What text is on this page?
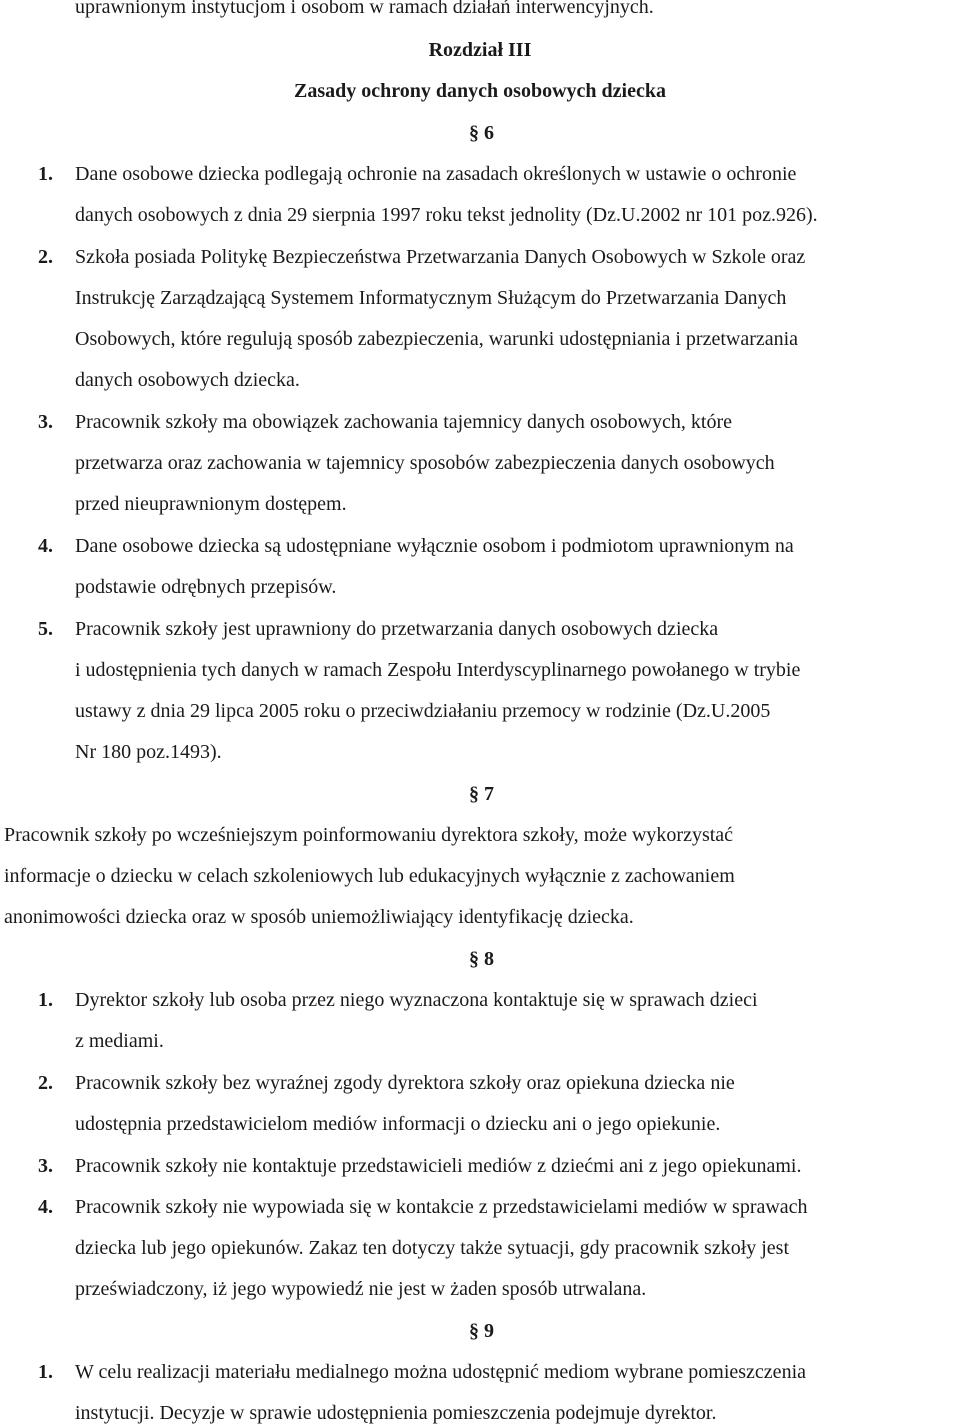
uprawnionym instytucjom i osobom w ramach działań interwencyjnych.
Rozdział III
Zasady ochrony danych osobowych dziecka
§ 6
1. Dane osobowe dziecka podlegają ochronie na zasadach określonych w ustawie o ochronie
danych osobowych z dnia 29 sierpnia 1997 roku tekst jednolity (Dz.U.2002 nr 101 poz.926).
2. Szkoła posiada Politykę Bezpieczeństwa Przetwarzania Danych Osobowych w Szkole oraz
Instrukcję Zarządzającą Systemem Informatycznym Służącym do Przetwarzania Danych
Osobowych, które regulują sposób zabezpieczenia, warunki udostępniania i przetwarzania
danych osobowych dziecka.
3. Pracownik szkoły ma obowiązek zachowania tajemnicy danych osobowych, które
przetwarza oraz zachowania w tajemnicy sposobów zabezpieczenia danych osobowych
przed nieuprawnionym dostępem.
4. Dane osobowe dziecka są udostępniane wyłącznie osobom i podmiotom uprawnionym na
podstawie odrębnych przepisów.
5. Pracownik szkoły jest uprawniony do przetwarzania danych osobowych dziecka
i udostępnienia tych danych w ramach Zespołu Interdyscyplinarnego powołanego w trybie
ustawy z dnia 29 lipca 2005 roku o przeciwdziałaniu przemocy w rodzinie (Dz.U.2005
Nr 180 poz.1493).
§ 7
Pracownik szkoły po wcześniejszym poinformowaniu dyrektora szkoły, może wykorzystać
informacje o dziecku w celach szkoleniowych lub edukacyjnych wyłącznie z zachowaniem
anonimowości dziecka oraz w sposób uniemożliwiający identyfikację dziecka.
§ 8
1. Dyrektor szkoły lub osoba przez niego wyznaczona kontaktuje się w sprawach dzieci
z mediami.
2. Pracownik szkoły bez wyraźnej zgody dyrektora szkoły oraz opiekuna dziecka nie
udostępnia przedstawicielom mediów informacji o dziecku ani o jego opiekunie.
3. Pracownik szkoły nie kontaktuje przedstawicieli mediów z dziećmi ani z jego opiekunami.
4. Pracownik szkoły nie wypowiada się w kontakcie z przedstawicielami mediów w sprawach
dziecka lub jego opiekunów. Zakaz ten dotyczy także sytuacji, gdy pracownik szkoły jest
przeświadczony, iż jego wypowiedź nie jest w żaden sposób utrwalana.
§ 9
1. W celu realizacji materiału medialnego można udostępnić mediom wybrane pomieszczenia
instytucji. Decyzje w sprawie udostępnienia pomieszczenia podejmuje dyrektor.
